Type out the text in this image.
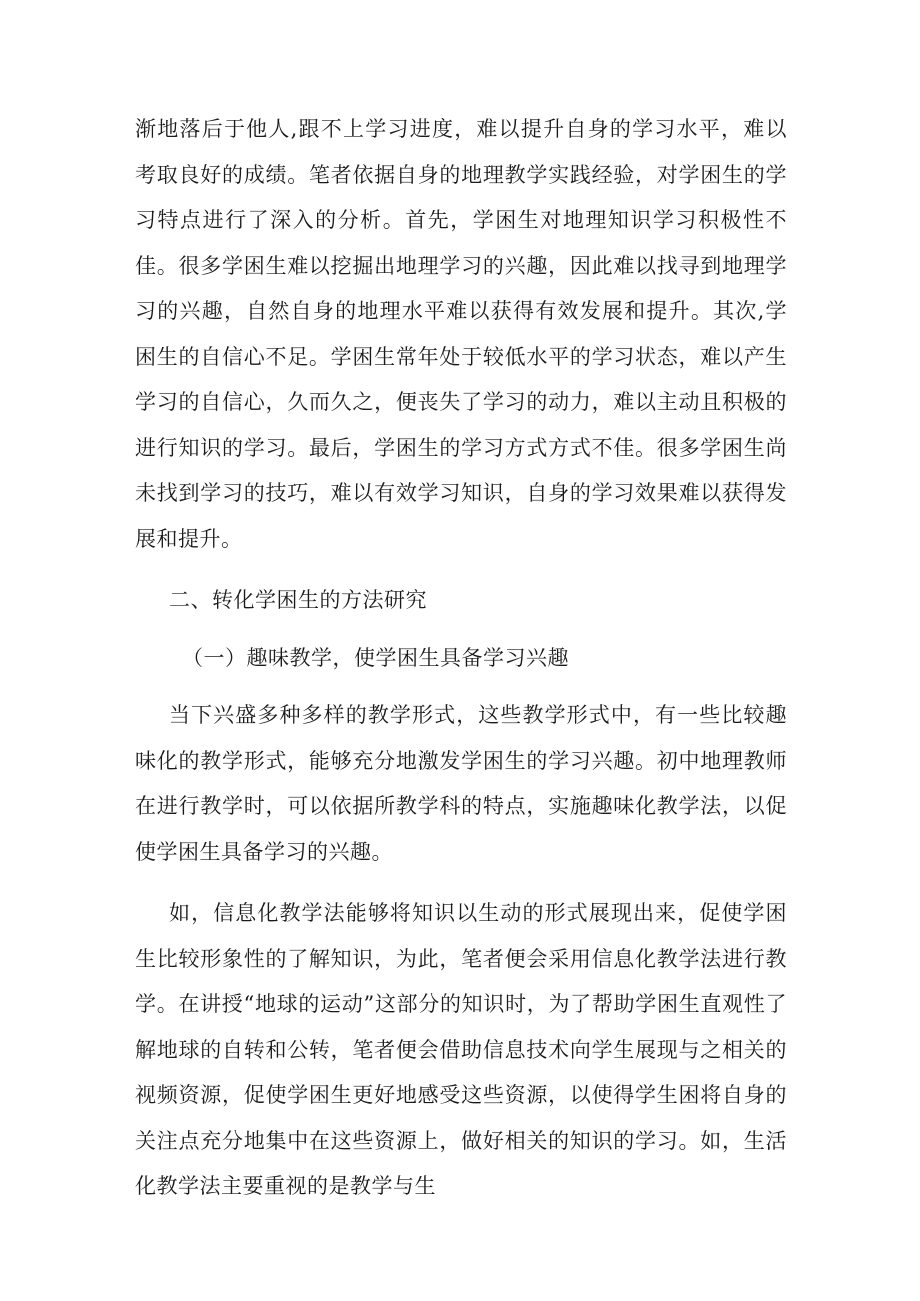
渐地落后于他人,跟不上学习进度，难以提升自身的学习水平，难以考取良好的成绩。笔者依据自身的地理教学实践经验，对学困生的学习特点进行了深入的分析。首先，学困生对地理知识学习积极性不佳。很多学困生难以挖掘出地理学习的兴趣，因此难以找寻到地理学习的兴趣，自然自身的地理水平难以获得有效发展和提升。其次,学困生的自信心不足。学困生常年处于较低水平的学习状态，难以产生学习的自信心，久而久之，便丧失了学习的动力，难以主动且积极的进行知识的学习。最后，学困生的学习方式方式不佳。很多学困生尚未找到学习的技巧，难以有效学习知识，自身的学习效果难以获得发展和提升。

二、转化学困生的方法研究

（一）趣味教学，使学困生具备学习兴趣

当下兴盛多种多样的教学形式，这些教学形式中，有一些比较趣味化的教学形式，能够充分地激发学困生的学习兴趣。初中地理教师在进行教学时，可以依据所教学科的特点，实施趣味化教学法，以促使学困生具备学习的兴趣。

如，信息化教学法能够将知识以生动的形式展现出来，促使学困生比较形象性的了解知识，为此，笔者便会采用信息化教学法进行教学。在讲授“地球的运动”这部分的知识时，为了帮助学困生直观性了解地球的自转和公转，笔者便会借助信息技术向学生展现与之相关的视频资源，促使学困生更好地感受这些资源，以使得学生困将自身的关注点充分地集中在这些资源上，做好相关的知识的学习。如，生活化教学法主要重视的是教学与生
